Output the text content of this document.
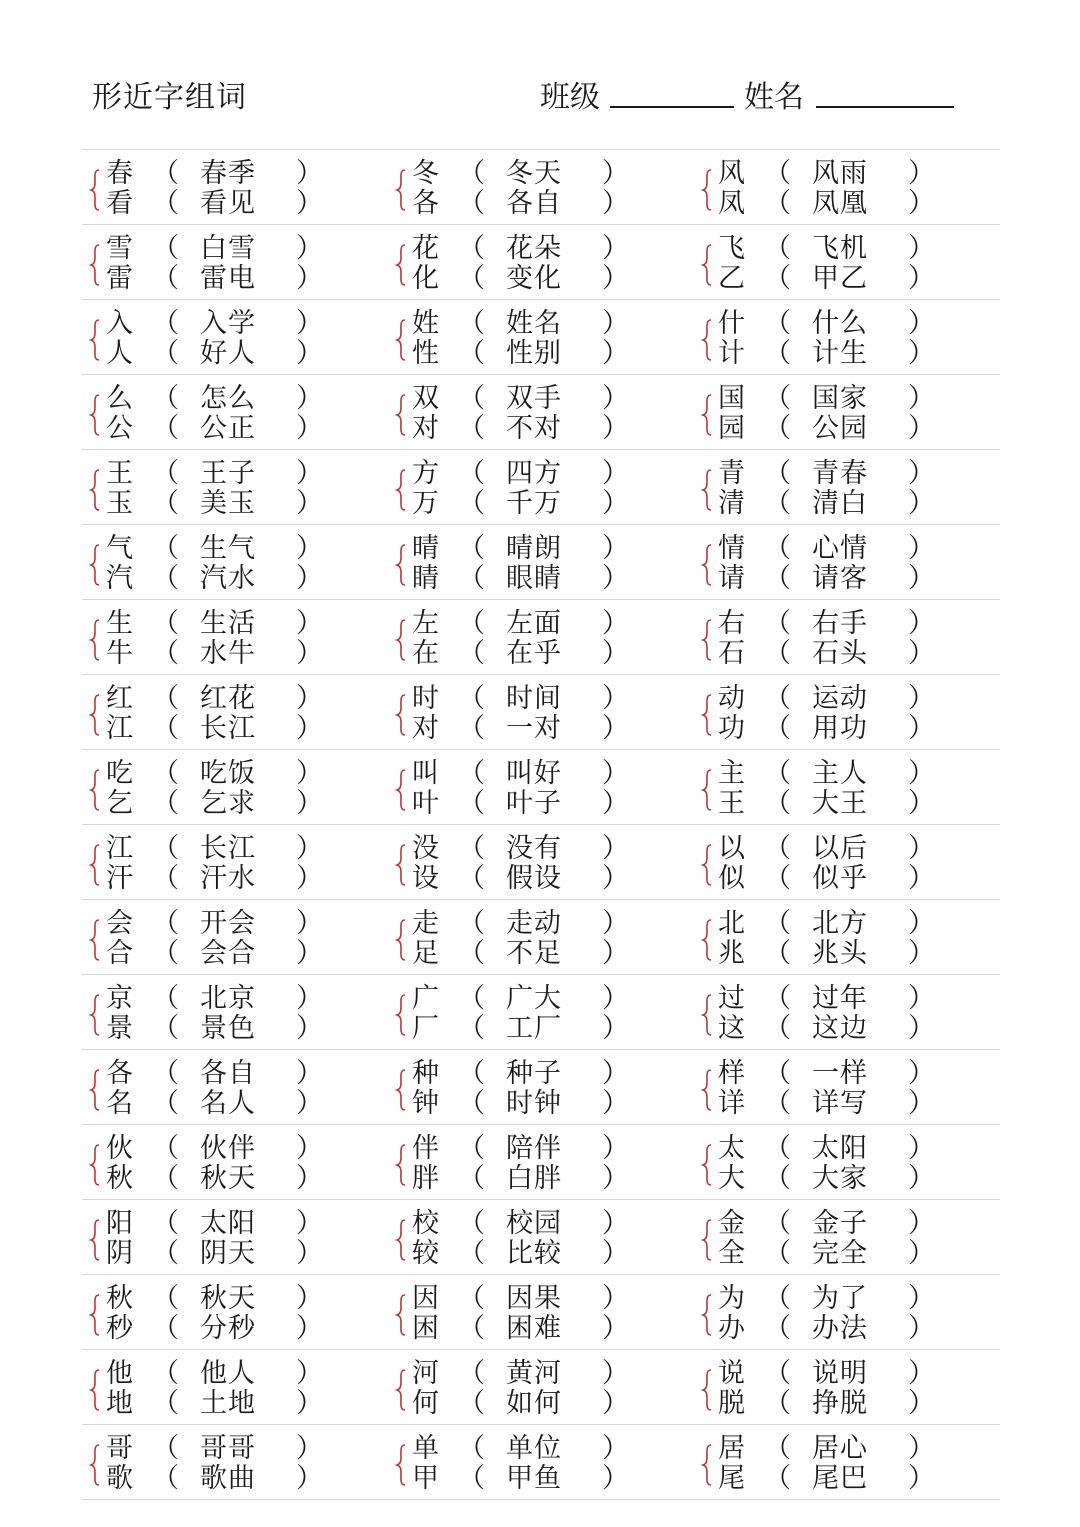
形近字组词	班级	姓名
春 （ 春季 ）
看 （ 看见 ）
冬 （ 冬天 ）
各 （ 各自 ）
风 （ 风雨 ）
凤 （ 凤凰 ）
雪 （ 白雪 ）
雷 （ 雷电 ）
花 （ 花朵 ）
化 （ 变化 ）
飞 （ 飞机 ）
乙 （ 甲乙 ）
入 （ 入学 ）
人 （ 好人 ）
姓 （ 姓名 ）
性 （ 性别 ）
什 （ 什么 ）
计 （ 计生 ）
么 （ 怎么 ）
公 （ 公正 ）
双 （ 双手 ）
对 （ 不对 ）
国 （ 国家 ）
园 （ 公园 ）
王 （ 王子 ）
玉 （ 美玉 ）
方 （ 四方 ）
万 （ 千万 ）
青 （ 青春 ）
清 （ 清白 ）
气 （ 生气 ）
汽 （ 汽水 ）
晴 （ 晴朗 ）
睛 （ 眼睛 ）
情 （ 心情 ）
请 （ 请客 ）
生 （ 生活 ）
牛 （ 水牛 ）
左 （ 左面 ）
在 （ 在乎 ）
右 （ 右手 ）
石 （ 石头 ）
红 （ 红花 ）
江 （ 长江 ）
时 （ 时间 ）
对 （ 一对 ）
动 （ 运动 ）
功 （ 用功 ）
吃 （ 吃饭 ）
乞 （ 乞求 ）
叫 （ 叫好 ）
叶 （ 叶子 ）
主 （ 主人 ）
王 （ 大王 ）
江 （ 长江 ）
汗 （ 汗水 ）
没 （ 没有 ）
设 （ 假设 ）
以 （ 以后 ）
似 （ 似乎 ）
会 （ 开会 ）
合 （ 会合 ）
走 （ 走动 ）
足 （ 不足 ）
北 （ 北方 ）
兆 （ 兆头 ）
京 （ 北京 ）
景 （ 景色 ）
广 （ 广大 ）
厂 （ 工厂 ）
过 （ 过年 ）
这 （ 这边 ）
各 （ 各自 ）
名 （ 名人 ）
种 （ 种子 ）
钟 （ 时钟 ）
样 （ 一样 ）
详 （ 详写 ）
伙 （ 伙伴 ）
秋 （ 秋天 ）
伴 （ 陪伴 ）
胖 （ 白胖 ）
太 （ 太阳 ）
大 （ 大家 ）
阳 （ 太阳 ）
阴 （ 阴天 ）
校 （ 校园 ）
较 （ 比较 ）
金 （ 金子 ）
全 （ 完全 ）
秋 （ 秋天 ）
秒 （ 分秒 ）
因 （ 因果 ）
困 （ 困难 ）
为 （ 为了 ）
办 （ 办法 ）
他 （ 他人 ）
地 （ 土地 ）
河 （ 黄河 ）
何 （ 如何 ）
说 （ 说明 ）
脱 （ 挣脱 ）
哥 （ 哥哥 ）
歌 （ 歌曲 ）
单 （ 单位 ）
甲 （ 甲鱼 ）
居 （ 居心 ）
尾 （ 尾巴 ）
